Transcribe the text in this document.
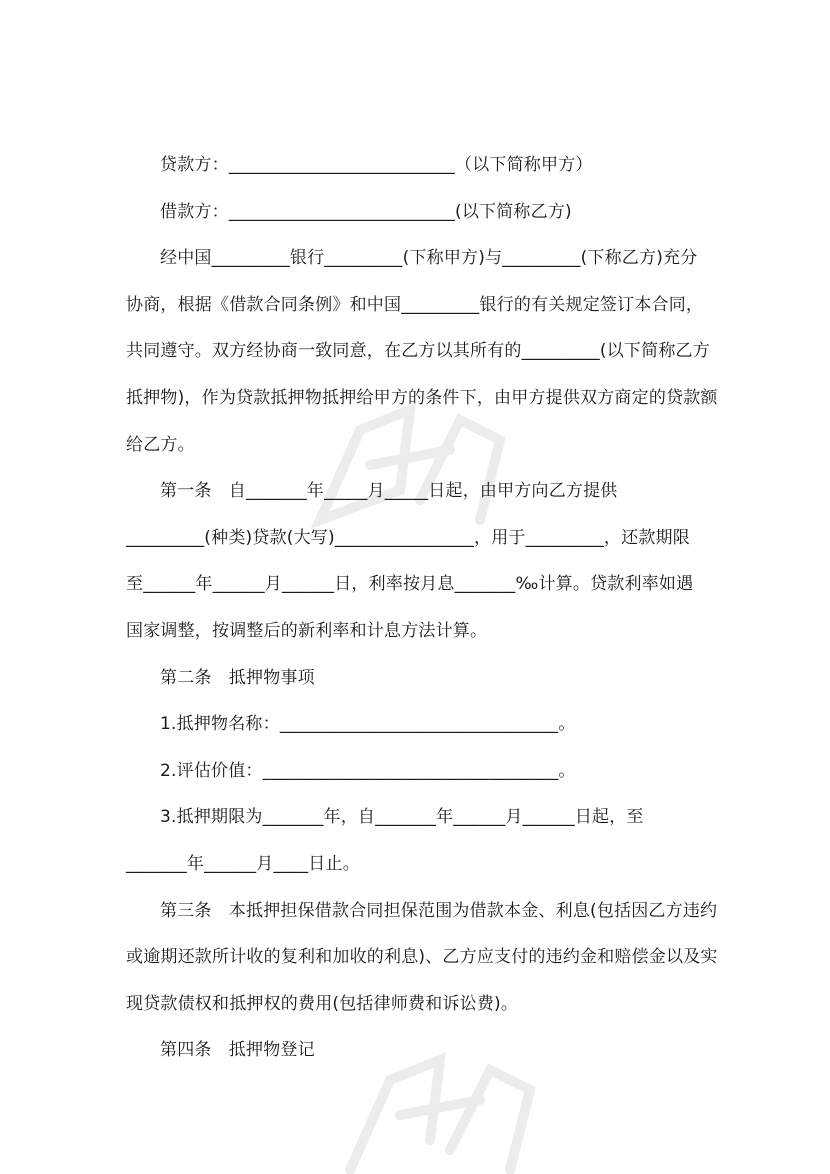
贷款方：__________________________（以下简称甲方）
借款方：__________________________(以下简称乙方)
经中国_________银行_________(下称甲方)与_________(下称乙方)充分
协商，根据《借款合同条例》和中国_________银行的有关规定签订本合同，
共同遵守。双方经协商一致同意，在乙方以其所有的_________(以下简称乙方
抵押物)，作为贷款抵押物抵押给甲方的条件下，由甲方提供双方商定的贷款额
给乙方。
第一条　自_______年_____月_____日起，由甲方向乙方提供
_________(种类)贷款(大写)________________，用于_________，还款期限
至______年______月______日，利率按月息_______‰计算。贷款利率如遇
国家调整，按调整后的新利率和计息方法计算。
第二条　抵押物事项
1.抵押物名称：________________________________。
2.评估价值：__________________________________。
3.抵押期限为_______年，自_______年______月______日起，至
_______年______月____日止。
第三条　本抵押担保借款合同担保范围为借款本金、利息(包括因乙方违约
或逾期还款所计收的复利和加收的利息)、乙方应支付的违约金和赔偿金以及实
现贷款债权和抵押权的费用(包括律师费和诉讼费)。
第四条　抵押物登记
